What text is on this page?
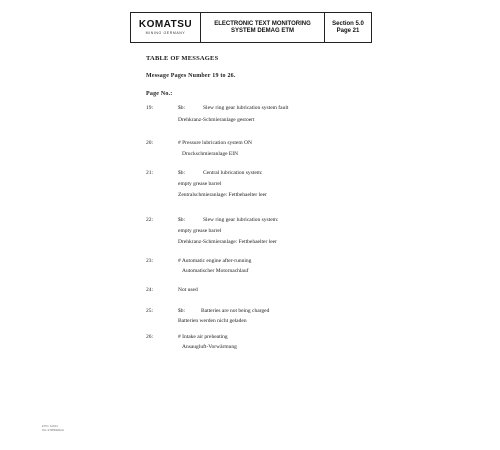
KOMATSU
MINING GERMANY
ELECTRONIC TEXT MONITORING
SYSTEM DEMAG ETM
Section 5.0
Page 21
TABLE OF MESSAGES
Message Pages Number 19 to 26.
Page No.:
19:	$b:	Slew ring gear lubrication system fault
Drehkranz-Schmieranlage gestoert
20:	# Pressure lubrication system ON
Druckschmieranlage EIN
21:	$b:	Central lubrication system:
empty grease barrel
Zentralschmieranlage: Fettbehaelter leer
22:	$b:	Slew ring gear lubrication system:
empty grease barrel
Drehkranz-Schmieranlage: Fettbehaelter leer
23:	# Automatic engine after-running
Automatischer Motornachlauf
24:	Not used
25:	$b:	Batteries are not being charged
Batterien werden nicht geladen
26:	# Intake air preheating
Ansaugluft-Vorwärmung
ETM • 1/2001
File: ETM5DEMAG
